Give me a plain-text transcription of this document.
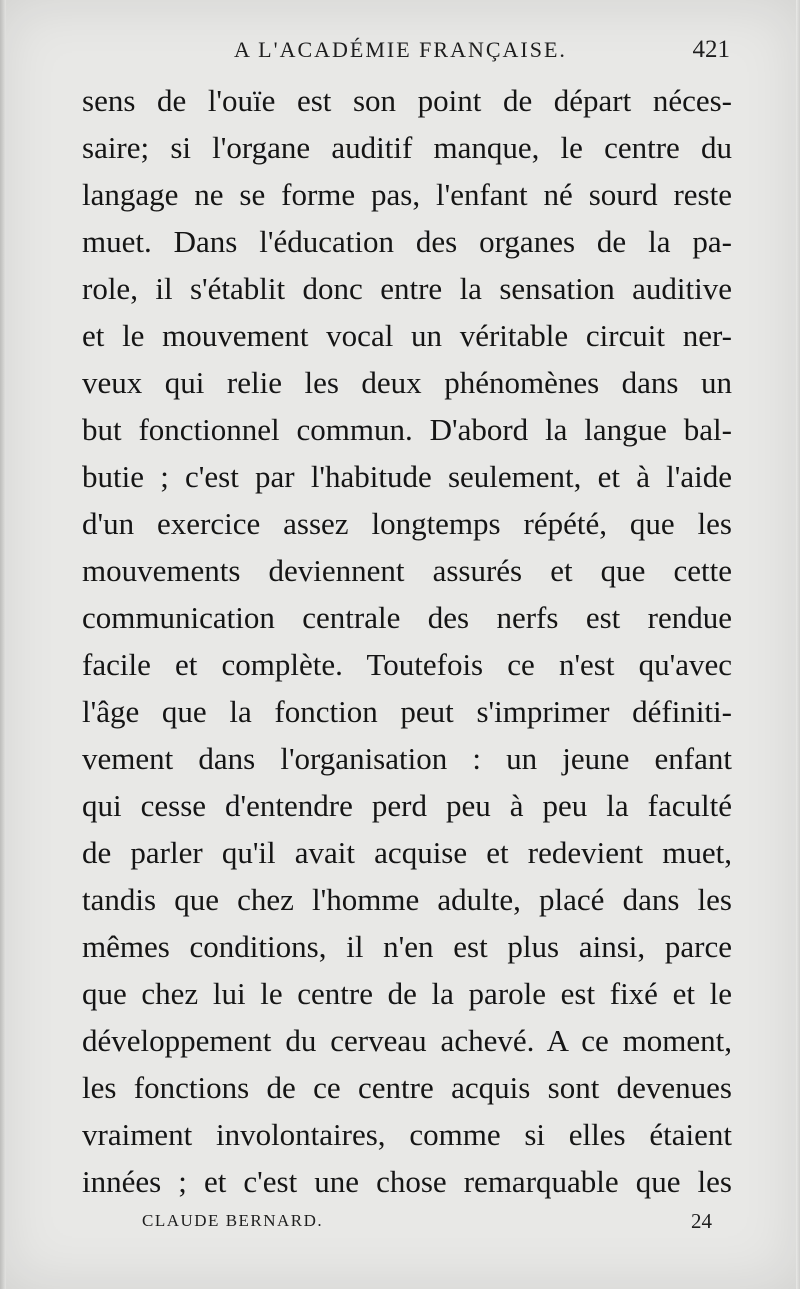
A L'ACADÉMIE FRANÇAISE.	421
sens de l'ouïe est son point de départ néces-
saire; si l'organe auditif manque, le centre du
langage ne se forme pas, l'enfant né sourd reste
muet. Dans l'éducation des organes de la pa-
role, il s'établit donc entre la sensation auditive
et le mouvement vocal un véritable circuit ner-
veux qui relie les deux phénomènes dans un
but fonctionnel commun. D'abord la langue bal-
butie ; c'est par l'habitude seulement, et à l'aide
d'un exercice assez longtemps répété, que les
mouvements deviennent assurés et que cette
communication centrale des nerfs est rendue
facile et complète. Toutefois ce n'est qu'avec
l'âge que la fonction peut s'imprimer définiti-
vement dans l'organisation : un jeune enfant
qui cesse d'entendre perd peu à peu la faculté
de parler qu'il avait acquise et redevient muet,
tandis que chez l'homme adulte, placé dans les
mêmes conditions, il n'en est plus ainsi, parce
que chez lui le centre de la parole est fixé et le
développement du cerveau achevé. A ce moment,
les fonctions de ce centre acquis sont devenues
vraiment involontaires, comme si elles étaient
innées ; et c'est une chose remarquable que les
CLAUDE BERNARD.	24
